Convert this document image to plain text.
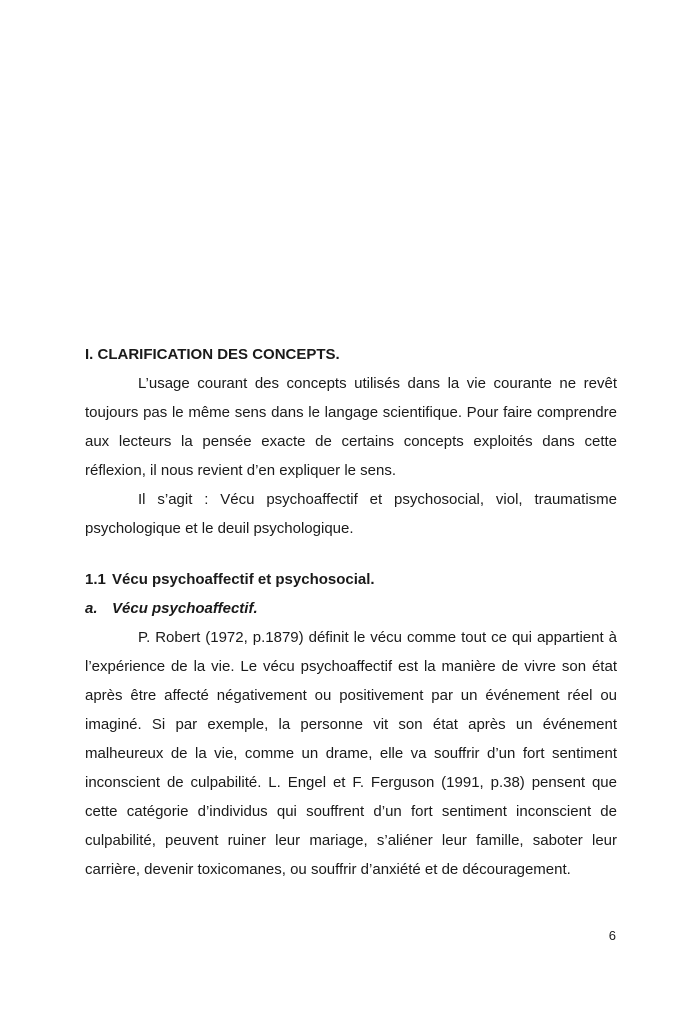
I. CLARIFICATION DES CONCEPTS.

L’usage courant des concepts utilisés dans la vie courante ne revêt toujours pas le même sens dans le langage scientifique. Pour faire comprendre aux lecteurs la pensée exacte de certains concepts exploités dans cette réflexion, il nous revient d’en expliquer le sens.

Il s’agit : Vécu psychoaffectif et psychosocial, viol, traumatisme psychologique et le deuil psychologique.

1.1 Vécu psychoaffectif et psychosocial.
a. Vécu psychoaffectif.

P. Robert (1972, p.1879) définit le vécu comme tout ce qui appartient à l’expérience de la vie. Le vécu psychoaffectif est la manière de vivre son état après être affecté négativement ou positivement par un événement réel ou imaginé. Si par exemple, la personne vit son état après un événement malheureux de la vie, comme un drame, elle va souffrir d’un fort sentiment inconscient de culpabilité. L. Engel et F. Ferguson (1991, p.38) pensent que cette catégorie d’individus qui souffrent d’un fort sentiment inconscient de culpabilité, peuvent ruiner leur mariage, s’aliéner leur famille, saboter leur carrière, devenir toxicomanes, ou souffrir d’anxiété et de découragement.

6
